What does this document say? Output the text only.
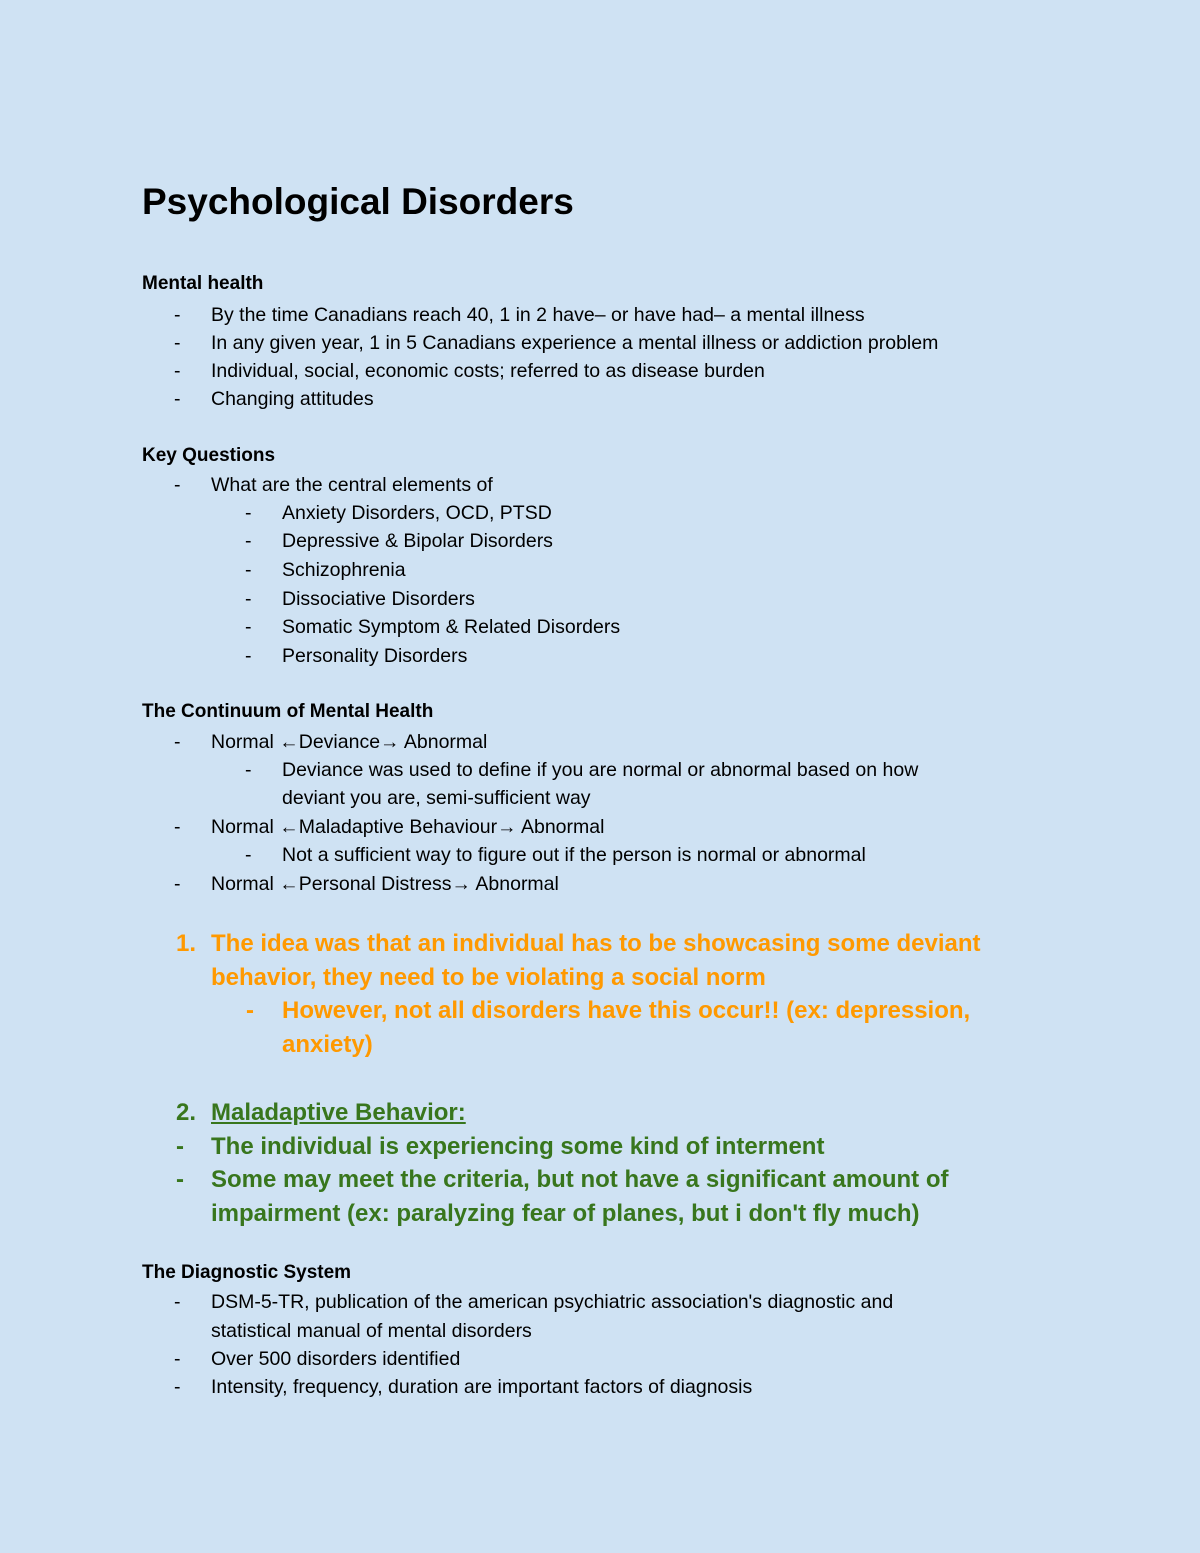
Psychological Disorders
Mental health
- By the time Canadians reach 40, 1 in 2 have– or have had– a mental illness
- In any given year, 1 in 5 Canadians experience a mental illness or addiction problem
- Individual, social, economic costs; referred to as disease burden
- Changing attitudes
Key Questions
- What are the central elements of
- Anxiety Disorders, OCD, PTSD
- Depressive & Bipolar Disorders
- Schizophrenia
- Dissociative Disorders
- Somatic Symptom & Related Disorders
- Personality Disorders
The Continuum of Mental Health
- Normal ←Deviance→ Abnormal
- Deviance was used to define if you are normal or abnormal based on how
deviant you are, semi-sufficient way
- Normal ←Maladaptive Behaviour→ Abnormal
- Not a sufficient way to figure out if the person is normal or abnormal
- Normal ←Personal Distress→ Abnormal
1. The idea was that an individual has to be showcasing some deviant
behavior, they need to be violating a social norm
- However, not all disorders have this occur!! (ex: depression,
anxiety)
2. Maladaptive Behavior:
- The individual is experiencing some kind of interment
- Some may meet the criteria, but not have a significant amount of
impairment (ex: paralyzing fear of planes, but i don't fly much)
The Diagnostic System
- DSM-5-TR, publication of the american psychiatric association's diagnostic and
statistical manual of mental disorders
- Over 500 disorders identified
- Intensity, frequency, duration are important factors of diagnosis
